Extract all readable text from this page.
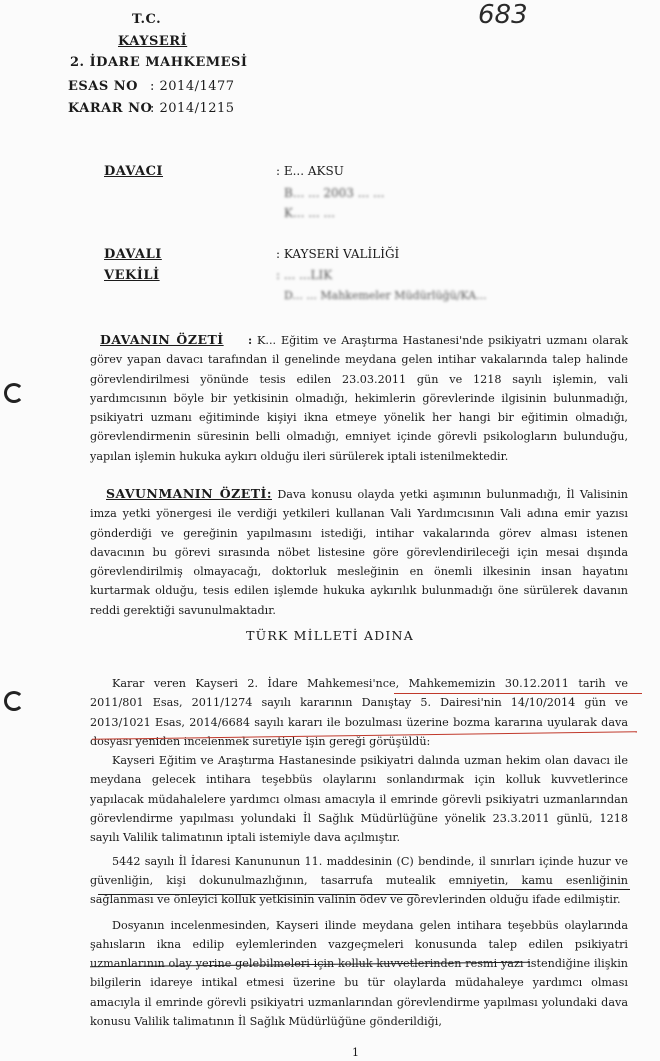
683
T.C.
KAYSERİ
2. İDARE MAHKEMESİ
ESAS NO : 2014/1477
KARAR NO
: 2014/1215
DAVACI	: E... AKSU
B... ... 2003 ... ...
K... ... ...
DAVALI	: KAYSERİ VALİLİĞİ
VEKİLİ	: ... ...LIK
D... ... Mahkemeler Müdürlüğü/KA...

DAVANIN ÖZETİ : K... Eğitim ve Araştırma Hastanesi'nde psikiyatri uzmanı olarak görev yapan davacı tarafından il genelinde meydana gelen intihar vakalarında talep halinde görevlendirilmesi yönünde tesis edilen 23.03.2011 gün ve 1218 sayılı işlemin, vali yardımcısının böyle bir yetkisinin olmadığı, hekimlerin görevlerinde ilgisinin bulunmadığı, psikiyatri uzmanı eğitiminde kişiyi ikna etmeye yönelik her hangi bir eğitimin olmadığı, görevlendirmenin süresinin belli olmadığı, emniyet içinde görevli psikologların bulunduğu, yapılan işlemin hukuka aykırı olduğu ileri sürülerek iptali istenilmektedir.

SAVUNMANIN ÖZETİ: Dava konusu olayda yetki aşımının bulunmadığı, İl Valisinin imza yetki yönergesi ile verdiği yetkileri kullanan Vali Yardımcısının Vali adına emir yazısı gönderdiği ve gereğinin yapılmasını istediği, intihar vakalarında görev alması istenen davacının bu görevi sırasında nöbet listesine göre görevlendirileceği için mesai dışında görevlendirilmiş olmayacağı, doktorluk mesleğinin en önemli ilkesinin insan hayatını kurtarmak olduğu, tesis edilen işlemde hukuka aykırılık bulunmadığı öne sürülerek davanın reddi gerektiği savunulmaktadır.

TÜRK MİLLETİ ADINA

Karar veren Kayseri 2. İdare Mahkemesi'nce, Mahkememizin 30.12.2011 tarih ve 2011/801 Esas, 2011/1274 sayılı kararının Danıştay 5. Dairesi'nin 14/10/2014 gün ve 2013/1021 Esas, 2014/6684 sayılı kararı ile bozulması üzerine bozma kararına uyularak dava dosyası yeniden incelenmek suretiyle işin gereği görüşüldü:

Kayseri Eğitim ve Araştırma Hastanesinde psikiyatri dalında uzman hekim olan davacı ile meydana gelecek intihara teşebbüs olaylarını sonlandırmak için kolluk kuvvetlerince yapılacak müdahalelere yardımcı olması amacıyla il emrinde görevli psikiyatri uzmanlarından görevlendirme yapılması yolundaki İl Sağlık Müdürlüğüne yönelik 23.3.2011 günlü, 1218 sayılı Valilik talimatının iptali istemiyle dava açılmıştır.

5442 sayılı İl İdaresi Kanununun 11. maddesinin (C) bendinde, il sınırları içinde huzur ve güvenliğin, kişi dokunulmazlığının, tasarrufa mutealik emniyetin, kamu esenliğinin sağlanması ve önleyici kolluk yetkisinin valinin ödev ve görevlerinden olduğu ifade edilmiştir.

Dosyanın incelenmesinden, Kayseri ilinde meydana gelen intihara teşebbüs olaylarında şahısların ikna edilip eylemlerinden vazgeçmeleri konusunda talep edilen psikiyatri uzmanlarının olay yerine gelebilmeleri için kolluk kuvvetlerinden resmi yazı istendiğine ilişkin bilgilerin idareye intikal etmesi üzerine bu tür olaylarda müdahaleye yardımcı olması amacıyla il emrinde görevli psikiyatri uzmanlarından görevlendirme yapılması yolundaki dava konusu Valilik talimatının İl Sağlık Müdürlüğüne gönderildiği,

1
